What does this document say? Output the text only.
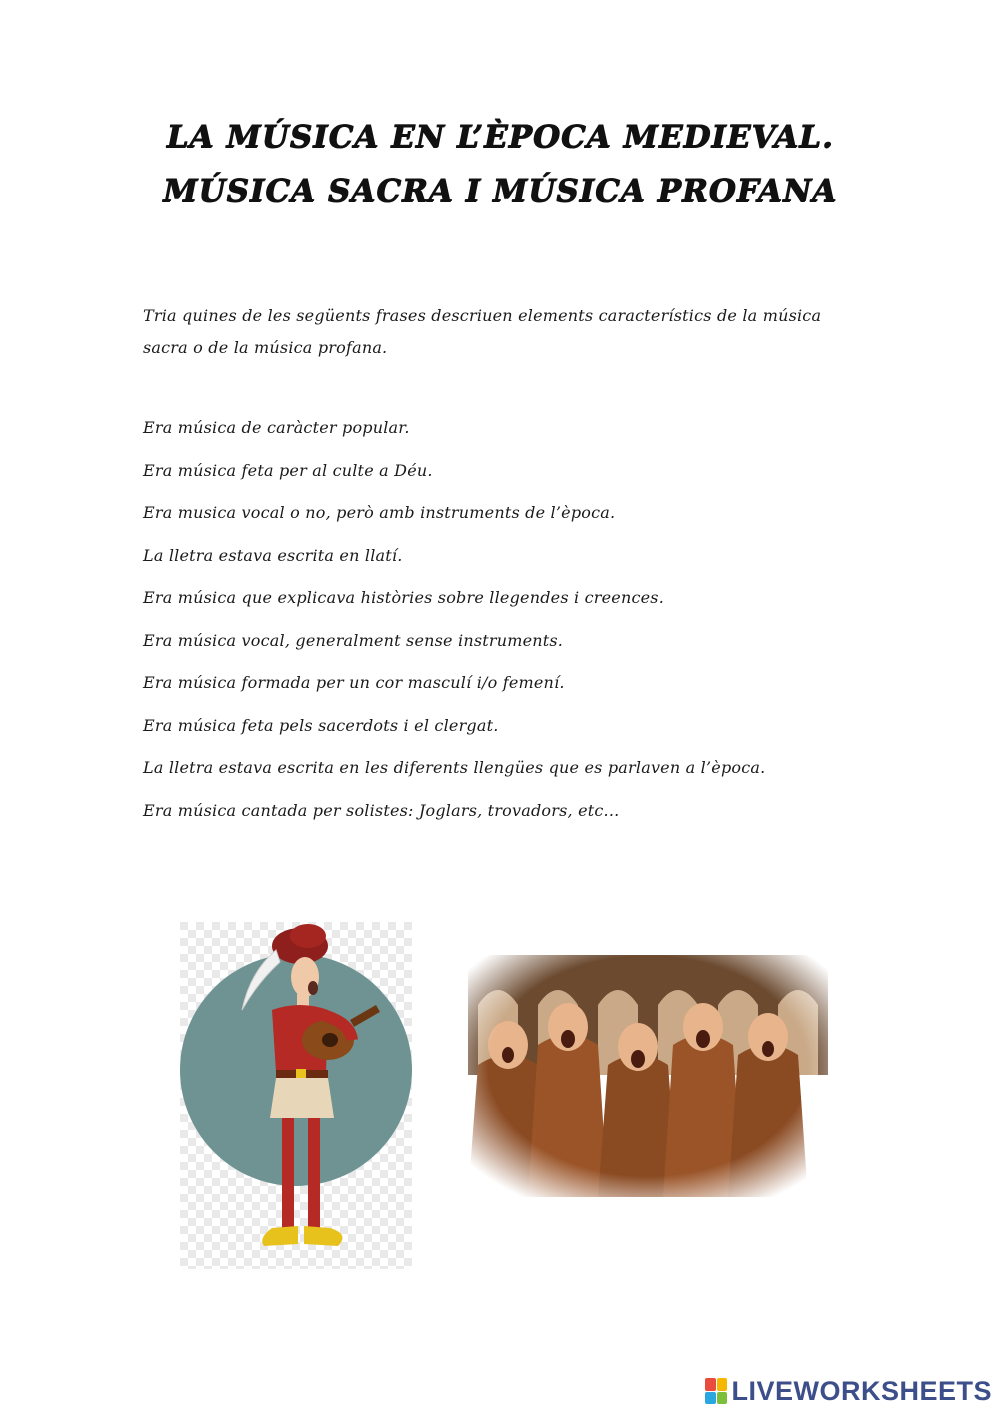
LA MÚSICA EN L’ÈPOCA MEDIEVAL.
MÚSICA SACRA I MÚSICA PROFANA
Tria quines de les següents frases descriuen elements característics de la música sacra o de la música profana.
Era música de caràcter popular.
Era música feta per al culte a Déu.
Era musica vocal o no, però amb instruments de l’època.
La lletra estava escrita en llatí.
Era música que explicava històries sobre llegendes i creences.
Era música vocal, generalment sense instruments.
Era música formada per un cor masculí i/o femení.
Era música feta pels sacerdots i el clergat.
La lletra estava escrita en les diferents llengües que es parlaven a l’època.
Era música cantada per solistes: Joglars, trovadors, etc...
LIVEWORKSHEETS
